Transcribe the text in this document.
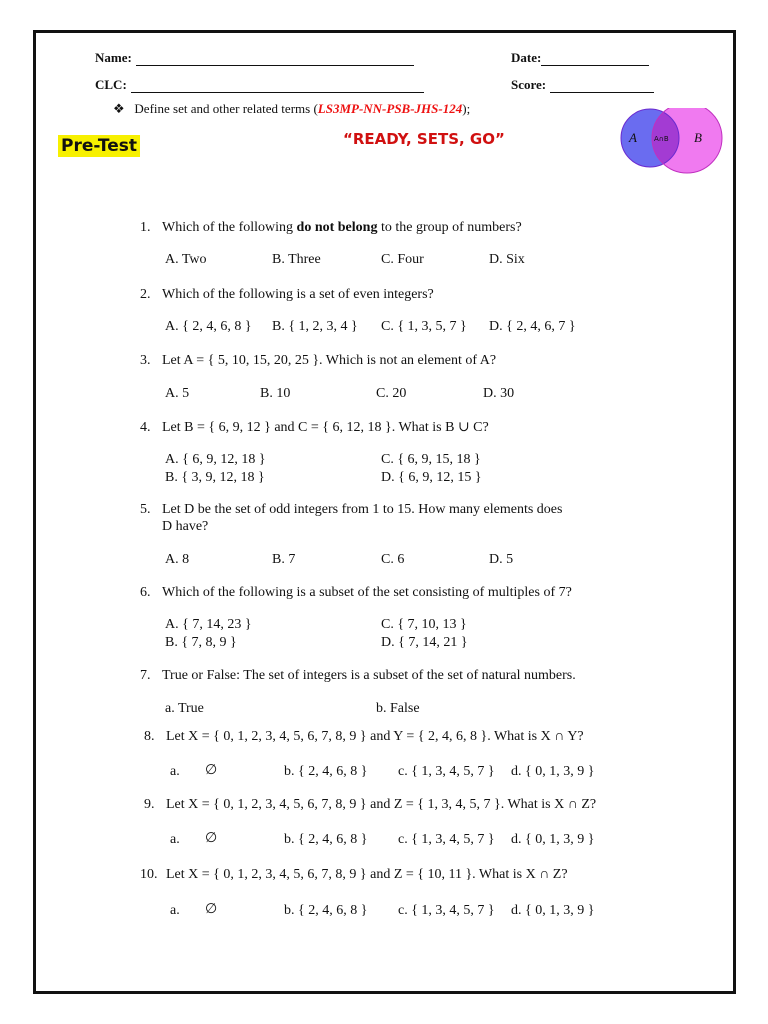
Name:	Date:
CLC:	Score:
❖ Define set and other related terms (LS3MP-NN-PSB-JHS-124);
Pre-Test	“READY, SETS, GO”	A	B
A∩B
1. Which of the following do not belong to the group of numbers?
A. Two	B. Three	C. Four	D. Six
2. Which of the following is a set of even integers?
A. { 2, 4, 6, 8 } B. { 1, 2, 3, 4 } C. { 1, 3, 5, 7 } D. { 2, 4, 6, 7 }
3. Let A = { 5, 10, 15, 20, 25 }. Which is not an element of A?
A. 5	B. 10	C. 20	D. 30
4. Let B = { 6, 9, 12 } and C = { 6, 12, 18 }. What is B ∪ C?
A. { 6, 9, 12, 18 }
B. { 3, 9, 12, 18 }
C. { 6, 9, 15, 18 }
D. { 6, 9, 12, 15 }
5. Let D be the set of odd integers from 1 to 15. How many elements does
D have?
A. 8	B. 7	C. 6	D. 5
6. Which of the following is a subset of the set consisting of multiples of 7?
A. { 7, 14, 23 }
B. { 7, 8, 9 }
C. { 7, 10, 13 }
D. { 7, 14, 21 }
7. True or False: The set of integers is a subset of the set of natural numbers.
a. True	b. False
8. Let X = { 0, 1, 2, 3, 4, 5, 6, 7, 8, 9 } and Y = { 2, 4, 6, 8 }. What is X ∩ Y?
a. ∅	b. { 2, 4, 6, 8 } c. { 1, 3, 4, 5, 7 } d. { 0, 1, 3, 9 }
9. Let X = { 0, 1, 2, 3, 4, 5, 6, 7, 8, 9 } and Z = { 1, 3, 4, 5, 7 }. What is X ∩ Z?
a. ∅	b. { 2, 4, 6, 8 } c. { 1, 3, 4, 5, 7 } d. { 0, 1, 3, 9 }
10. Let X = { 0, 1, 2, 3, 4, 5, 6, 7, 8, 9 } and Z = { 10, 11 }. What is X ∩ Z?
a. ∅	b. { 2, 4, 6, 8 } c. { 1, 3, 4, 5, 7 } d. { 0, 1, 3, 9 }
